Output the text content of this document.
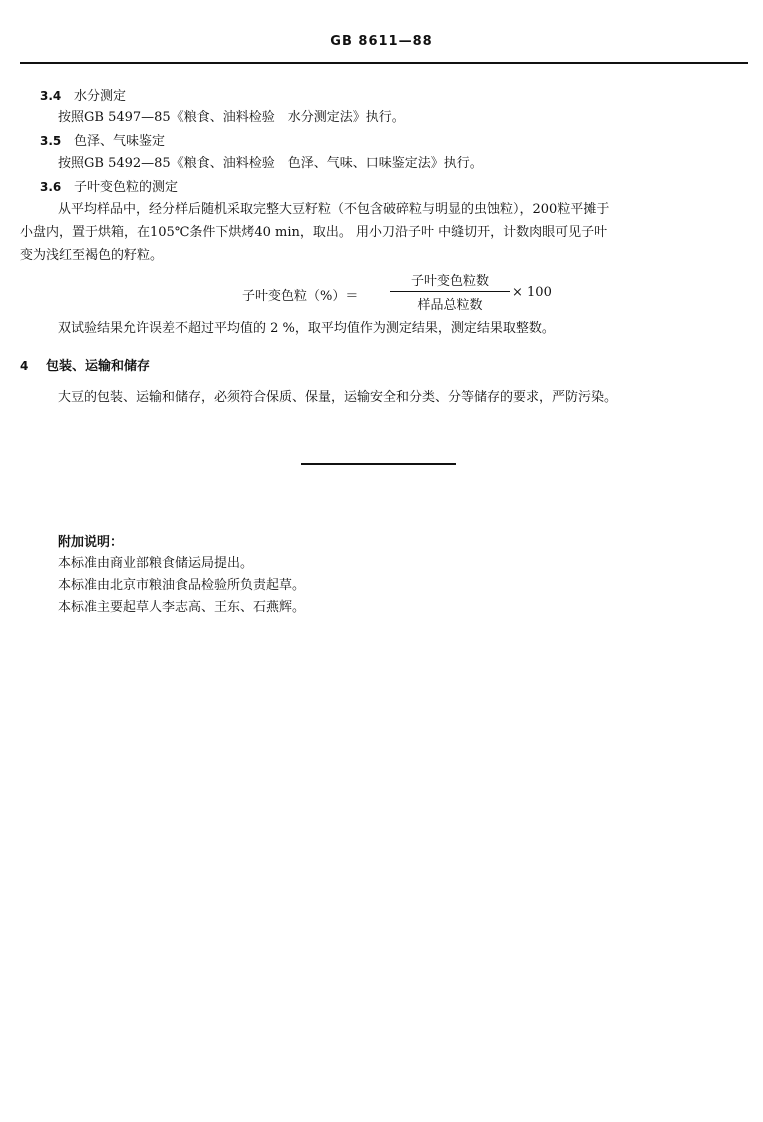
GB 8611—88
3.4 水分测定
按照GB 5497—85《粮食、油料检验　水分测定法》执行。
3.5 色泽、气味鉴定
按照GB 5492—85《粮食、油料检验　色泽、气味、口味鉴定法》执行。
3.6 子叶变色粒的测定
从平均样品中，经分样后随机采取完整大豆籽粒（不包含破碎粒与明显的虫蚀粒），200粒平摊于
小盘内，置于烘箱，在105℃条件下烘烤40 min，取出。 用小刀沿子叶 中缝切开，计数肉眼可见子叶
变为浅红至褐色的籽粒。
子叶变色粒（%）＝
子叶变色粒数
样品总粒数
× 100
双试验结果允许误差不超过平均值的 2 %，取平均值作为测定结果，测定结果取整数。
4 包装、运输和储存
大豆的包装、运输和储存，必须符合保质、保量，运输安全和分类、分等储存的要求，严防污染。
附加说明：
本标准由商业部粮食储运局提出。
本标准由北京市粮油食品检验所负责起草。
本标准主要起草人李志高、王东、石燕辉。
